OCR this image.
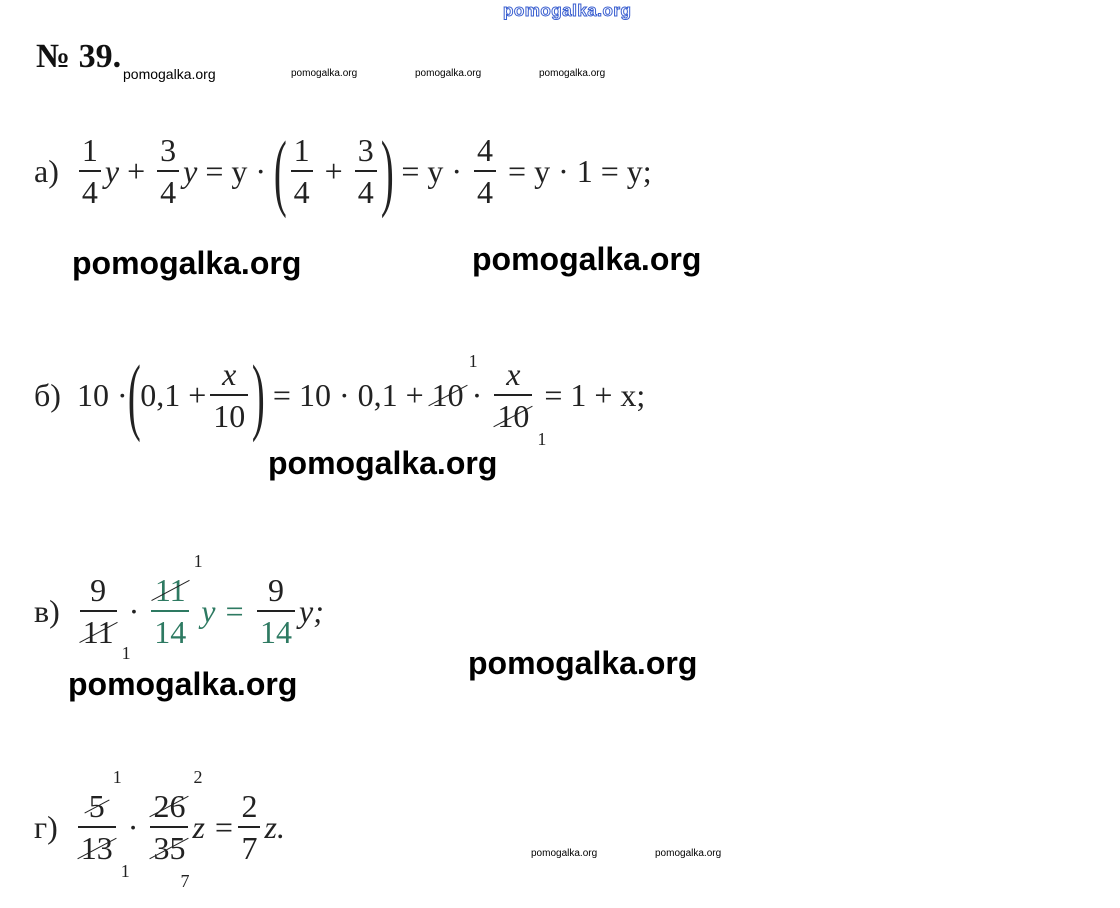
pomogalka.org
pomogalka.org	pomogalka.org	pomogalka.org	pomogalka.org
pomogalka.org	pomogalka.org
pomogalka.org
pomogalka.org
pomogalka.org
pomogalka.org	pomogalka.org
№ 39.
$а) \frac{1}{4}$ $y + \frac{3}{4}$ y = y · ( $\frac{1}{4} + \frac{3}{4}$ ) = $y \cdot \frac{4}{4} = y \cdot 1 = y$;
б) 10 · ( $0,1 + \frac{x}{10}$ ) = 10 · 0,1 +
1
10 · x
10
1 = 1 + x;
в) 9
11
1 · 1
11
14 $y = \frac{9}{14} y$;
г) 1
5
13
1 · 26
2
35
7 $z = \frac{2}{7} z$.
